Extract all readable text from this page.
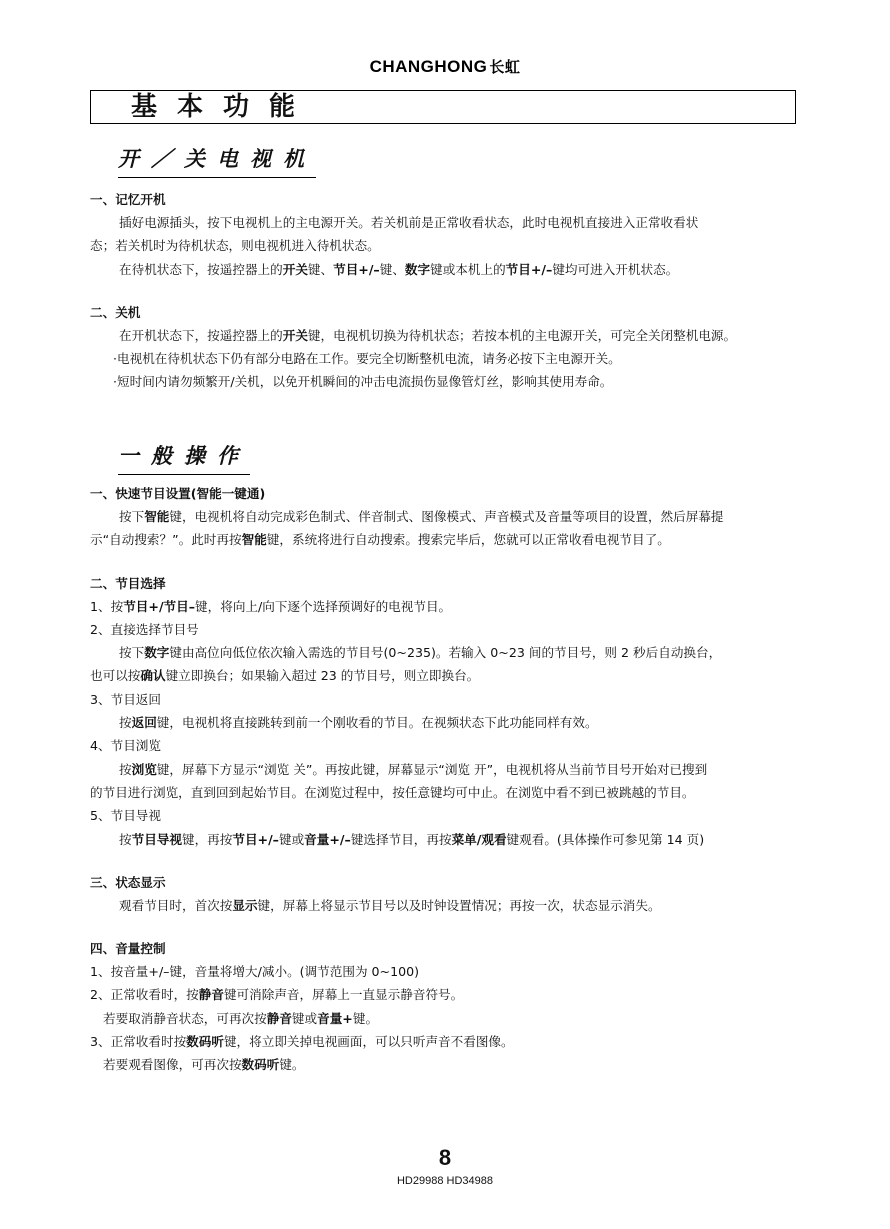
CHANGHONG 长虹
基本功能
开／关电视机

一、记忆开机

插好电源插头，按下电视机上的主电源开关。若关机前是正常收看状态，此时电视机直接进入正常收看状
态；若关机时为待机状态，则电视机进入待机状态。

在待机状态下，按遥控器上的开关键、节目+/–键、数字键或本机上的节目+/–键均可进入开机状态。

二、关机

在开机状态下，按遥控器上的开关键，电视机切换为待机状态；若按本机的主电源开关，可完全关闭整机电源。

·电视机在待机状态下仍有部分电路在工作。要完全切断整机电流，请务必按下主电源开关。

·短时间内请勿频繁开/关机，以免开机瞬间的冲击电流损伤显像管灯丝，影响其使用寿命。

一般操作

一、快速节目设置(智能一键通)

按下智能键，电视机将自动完成彩色制式、伴音制式、图像模式、声音模式及音量等项目的设置，然后屏幕提
示“自动搜索？”。此时再按智能键，系统将进行自动搜索。搜索完毕后，您就可以正常收看电视节目了。

二、节目选择

1、按节目+/节目–键，将向上/向下逐个选择预调好的电视节目。

2、直接选择节目号

按下数字键由高位向低位依次输入需选的节目号(0~235)。若输入 0~23 间的节目号，则 2 秒后自动换台，
也可以按确认键立即换台；如果输入超过 23 的节目号，则立即换台。

3、节目返回

按返回键，电视机将直接跳转到前一个刚收看的节目。在视频状态下此功能同样有效。

4、节目浏览

按浏览键，屏幕下方显示“浏览 关”。再按此键，屏幕显示“浏览 开”，电视机将从当前节目号开始对已搜到
的节目进行浏览，直到回到起始节目。在浏览过程中，按任意键均可中止。在浏览中看不到已被跳越的节目。

5、节目导视

按节目导视键，再按节目+/–键或音量+/–键选择节目，再按菜单/观看键观看。(具体操作可参见第 14 页)

三、状态显示

观看节目时，首次按显示键，屏幕上将显示节目号以及时钟设置情况；再按一次，状态显示消失。

四、音量控制

1、按音量+/–键，音量将增大/减小。(调节范围为 0~100)

2、正常收看时，按静音键可消除声音，屏幕上一直显示静音符号。

若要取消静音状态，可再次按静音键或音量+键。

3、正常收看时按数码听键，将立即关掉电视画面，可以只听声音不看图像。

若要观看图像，可再次按数码听键。

8
HD29988 HD34988
